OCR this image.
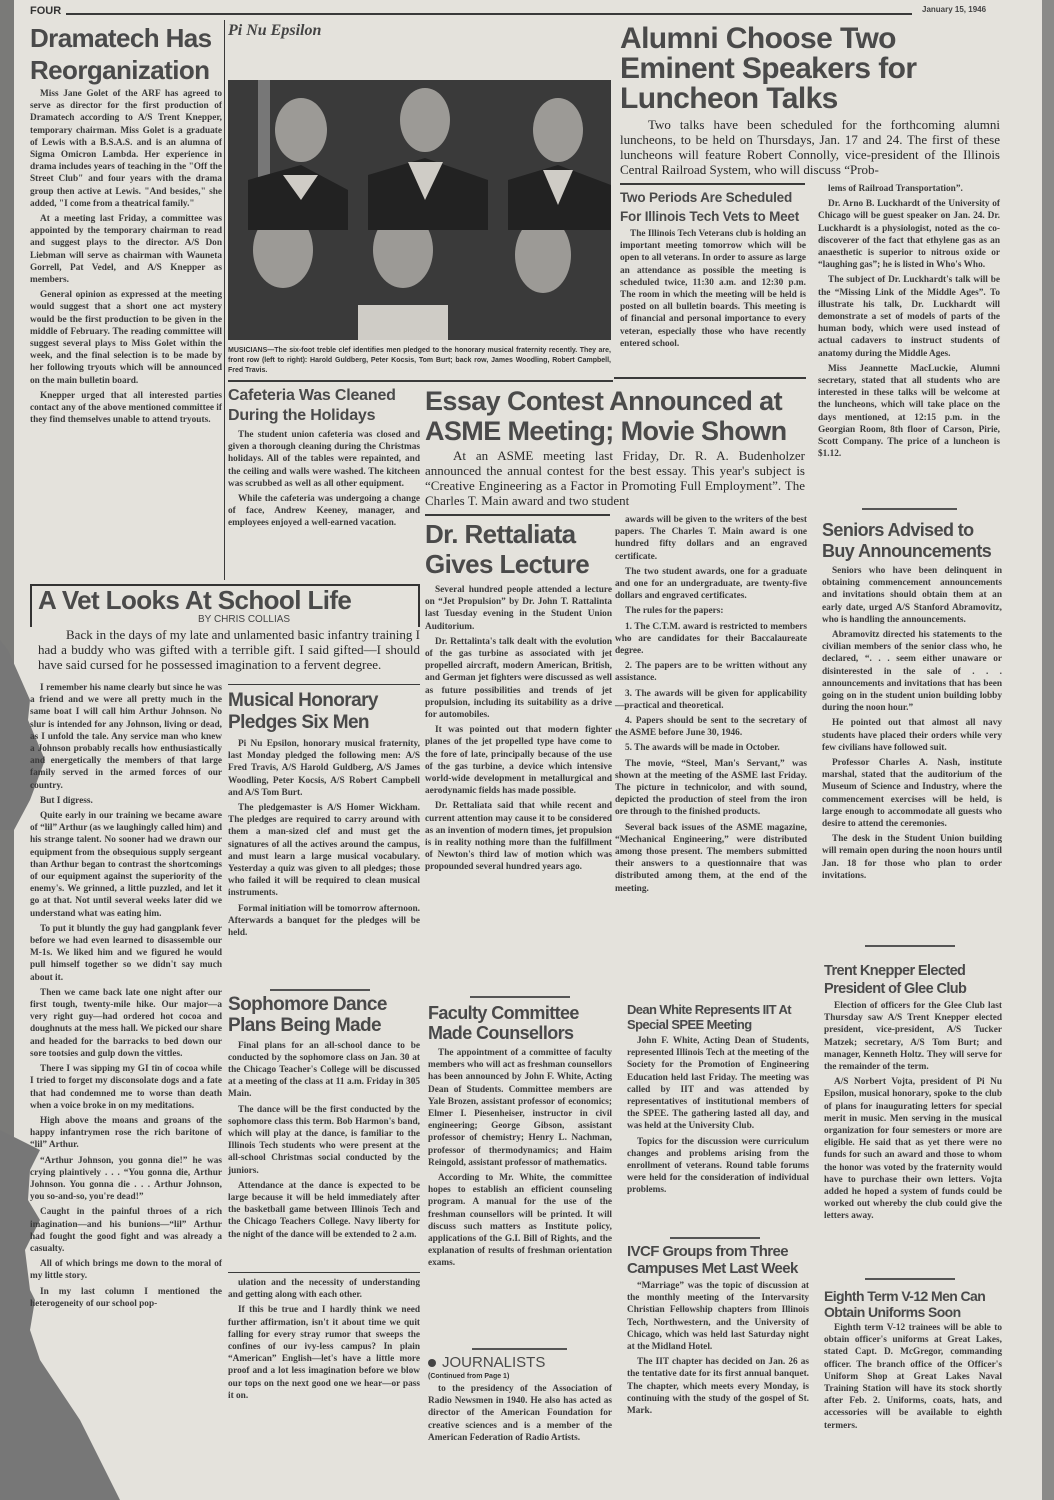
FOUR	January 15, 1946
Dramatech Has Reorganization

Miss Jane Golet of the ARF has agreed to serve as director for the first production of Dramatech according to A/S Trent Knepper, temporary chairman. Miss Golet is a graduate of Lewis with a B.S.A.S. and is an alumna of Sigma Omicron Lambda. Her experience in drama includes years of teaching in the "Off the Street Club" and four years with the drama group then active at Lewis. "And besides," she added, "I come from a theatrical family."

At a meeting last Friday, a committee was appointed by the temporary chairman to read and suggest plays to the director. A/S Don Liebman will serve as chairman with Wauneta Gorrell, Pat Vedel, and A/S Knepper as members.

General opinion as expressed at the meeting would suggest that a short one act mystery would be the first production to be given in the middle of February. The reading committee will suggest several plays to Miss Golet within the week, and the final selection is to be made by her following tryouts which will be announced on the main bulletin board.

Knepper urged that all interested parties contact any of the above mentioned committee if they find themselves unable to attend tryouts.

Pi Nu Epsilon
MUSICIANS—The six-foot treble clef identifies men pledged to the honorary musical fraternity recently. They are, front row (left to right): Harold Guldberg, Peter Kocsis, Tom Burt; back row, James Woodling, Robert Campbell, Fred Travis.
Alumni Choose Two Eminent Speakers for Luncheon Talks

Two talks have been scheduled for the forthcoming alumni luncheons, to be held on Thursdays, Jan. 17 and 24. The first of these luncheons will feature Robert Connolly, vice-president of the Illinois Central Railroad System, who will discuss “Prob-

lems of Railroad Transportation”.

Dr. Arno B. Luckhardt of the University of Chicago will be guest speaker on Jan. 24. Dr. Luckhardt is a physiologist, noted as the co-discoverer of the fact that ethylene gas as an anaesthetic is superior to nitrous oxide or “laughing gas”; he is listed in Who's Who.

The subject of Dr. Luckhardt's talk will be the “Missing Link of the Middle Ages”. To illustrate his talk, Dr. Luckhardt will demonstrate a set of models of parts of the human body, which were used instead of actual cadavers to instruct students of anatomy during the Middle Ages.

Miss Jeannette MacLuckie, Alumni secretary, stated that all students who are interested in these talks will be welcome at the luncheons, which will take place on the days mentioned, at 12:15 p.m. in the Georgian Room, 8th floor of Carson, Pirie, Scott Company. The price of a luncheon is $1.12.

Two Periods Are Scheduled For Illinois Tech Vets to Meet

The Illinois Tech Veterans club is holding an important meeting tomorrow which will be open to all veterans. In order to assure as large an attendance as possible the meeting is scheduled twice, 11:30 a.m. and 12:30 p.m. The room in which the meeting will be held is posted on all bulletin boards. This meeting is of financial and personal importance to every veteran, especially those who have recently entered school.

Cafeteria Was Cleaned During the Holidays

The student union cafeteria was closed and given a thorough cleaning during the Christmas holidays. All of the tables were repainted, and the ceiling and walls were washed. The kitcheen was scrubbed as well as all other equipment.

While the cafeteria was undergoing a change of face, Andrew Keeney, manager, and employees enjoyed a well-earned vacation.

Essay Contest Announced at ASME Meeting; Movie Shown

At an ASME meeting last Friday, Dr. R. A. Budenholzer announced the annual contest for the best essay. This year's subject is “Creative Engineering as a Factor in Promoting Full Employment”. The Charles T. Main award and two student

awards will be given to the writers of the best papers. The Charles T. Main award is one hundred fifty dollars and an engraved certificate.

The two student awards, one for a graduate and one for an undergraduate, are twenty-five dollars and engraved certificates.

The rules for the papers:

1. The C.T.M. award is restricted to members who are candidates for their Baccalaureate degree.

2. The papers are to be written without any assistance.

3. The awards will be given for applicability—practical and theoretical.

4. Papers should be sent to the secretary of the ASME before June 30, 1946.

5. The awards will be made in October.

The movie, “Steel, Man's Servant,” was shown at the meeting of the ASME last Friday. The picture in technicolor, and with sound, depicted the production of steel from the iron ore through to the finished products.

Several back issues of the ASME magazine, “Mechanical Engineering,” were distributed among those present. The members submitted their answers to a questionnaire that was distributed among them, at the end of the meeting.

Dr. Rettaliata Gives Lecture

Several hundred people attended a lecture on “Jet Propulsion” by Dr. John T. Rattalinta last Tuesday evening in the Student Union Auditorium.

Dr. Rettalinta's talk dealt with the evolution of the gas turbine as associated with jet propelled aircraft, modern American, British, and German jet fighters were discussed as well as future possibilities and trends of jet propulsion, including its suitability as a drive for automobiles.

It was pointed out that modern fighter planes of the jet propelled type have come to the fore of late, principally because of the use of the gas turbine, a device which intensive world-wide development in metallurgical and aerodynamic fields has made possible.

Dr. Rettaliata said that while recent and current attention may cause it to be considered as an invention of modern times, jet propulsion is in reality nothing more than the fulfillment of Newton's third law of motion which was propounded several hundred years ago.

A Vet Looks At School Life
BY CHRIS COLLIAS

Back in the days of my late and unlamented basic infantry training I had a buddy who was gifted with a terrible gift. I said gifted—I should have said cursed for he possessed imagination to a fervent degree.

I remember his name clearly but since he was a friend and we were all pretty much in the same boat I will call him Arthur Johnson. No slur is intended for any Johnson, living or dead, as I unfold the tale. Any service man who knew a Johnson probably recalls how enthusiastically and energetically the members of that large family served in the armed forces of our country.

But I digress.

Quite early in our training we became aware of “lil” Arthur (as we laughingly called him) and his strange talent. No sooner had we drawn our equipment from the obsequious supply sergeant than Arthur began to contrast the shortcomings of our equipment against the superiority of the enemy's. We grinned, a little puzzled, and let it go at that. Not until several weeks later did we understand what was eating him.

To put it bluntly the guy had gangplank fever before we had even learned to disassemble our M-1s. We liked him and we figured he would pull himself together so we didn't say much about it.

Then we came back late one night after our first tough, twenty-mile hike. Our major—a very right guy—had ordered hot cocoa and doughnuts at the mess hall. We picked our share and headed for the barracks to bed down our sore tootsies and gulp down the vittles.

There I was sipping my GI tin of cocoa while I tried to forget my disconsolate dogs and a fate that had condemned me to worse than death when a voice broke in on my meditations.

High above the moans and groans of the happy infantrymen rose the rich baritone of “lil” Arthur.

“Arthur Johnson, you gonna die!” he was crying plaintively . . . “You gonna die, Arthur Johnson. You gonna die . . . Arthur Johnson, you so-and-so, you're dead!”

Caught in the painful throes of a rich imagination—and his bunions—“lil” Arthur had fought the good fight and was already a casualty.

All of which brings me down to the moral of my little story.

In my last column I mentioned the heterogeneity of our school pop-

Musical Honorary Pledges Six Men

Pi Nu Epsilon, honorary musical fraternity, last Monday pledged the following men: A/S Fred Travis, A/S Harold Guldberg, A/S James Woodling, Peter Kocsis, A/S Robert Campbell and A/S Tom Burt.

The pledgemaster is A/S Homer Wickham. The pledges are required to carry around with them a man-sized clef and must get the signatures of all the actives around the campus, and must learn a large musical vocabulary. Yesterday a quiz was given to all pledges; those who failed it will be required to clean musical instruments.

Formal initiation will be tomorrow afternoon. Afterwards a banquet for the pledges will be held.

Sophomore Dance Plans Being Made

Final plans for an all-school dance to be conducted by the sophomore class on Jan. 30 at the Chicago Teacher's College will be discussed at a meeting of the class at 11 a.m. Friday in 305 Main.

The dance will be the first conducted by the sophomore class this term. Bob Harmon's band, which will play at the dance, is familiar to the Illinois Tech students who were present at the all-school Christmas social conducted by the juniors.

Attendance at the dance is expected to be large because it will be held immediately after the basketball game between Illinois Tech and the Chicago Teachers College. Navy liberty for the night of the dance will be extended to 2 a.m.

ulation and the necessity of understanding and getting along with each other.

If this be true and I hardly think we need further affirmation, isn't it about time we quit falling for every stray rumor that sweeps the confines of our ivy-less campus? In plain “American” English—let's have a little more proof and a lot less imagination before we blow our tops on the next good one we hear—or pass it on.

Faculty Committee Made Counsellors

The appointment of a committee of faculty members who will act as freshman counsellors has been announced by John F. White, Acting Dean of Students. Committee members are Yale Brozen, assistant professor of economics; Elmer I. Piesenheiser, instructor in civil engineering; George Gibson, assistant professor of chemistry; Henry L. Nachman, professor of thermodynamics; and Haim Reingold, assistant professor of mathematics.

According to Mr. White, the committee hopes to establish an efficient counseling program. A manual for the use of the freshman counsellors will be printed. It will discuss such matters as Institute policy, applications of the G.I. Bill of Rights, and the explanation of results of freshman orientation exams.

JOURNALISTS
(Continued from Page 1)

to the presidency of the Association of Radio Newsmen in 1940. He also has acted as director of the American Foundation for creative sciences and is a member of the American Federation of Radio Artists.

Dean White Represents IIT At Special SPEE Meeting

John F. White, Acting Dean of Students, represented Illinois Tech at the meeting of the Society for the Promotion of Engineering Education held last Friday. The meeting was called by IIT and was attended by representatives of institutional members of the SPEE. The gathering lasted all day, and was held at the University Club.

Topics for the discussion were curriculum changes and problems arising from the enrollment of veterans. Round table forums were held for the consideration of individual problems.

IVCF Groups from Three Campuses Met Last Week

“Marriage” was the topic of discussion at the monthly meeting of the Intervarsity Christian Fellowship chapters from Illinois Tech, Northwestern, and the University of Chicago, which was held last Saturday night at the Midland Hotel.

The IIT chapter has decided on Jan. 26 as the tentative date for its first annual banquet. The chapter, which meets every Monday, is continuing with the study of the gospel of St. Mark.

Seniors Advised to Buy Announcements

Seniors who have been delinquent in obtaining commencement announcements and invitations should obtain them at an early date, urged A/S Stanford Abramovitz, who is handling the announcements.

Abramovitz directed his statements to the civilian members of the senior class who, he declared, “. . . seem either unaware or disinterested in the sale of . . . announcements and invitations that has been going on in the student union building lobby during the noon hour.”

He pointed out that almost all navy students have placed their orders while very few civilians have followed suit.

Professor Charles A. Nash, institute marshal, stated that the auditorium of the Museum of Science and Industry, where the commencement exercises will be held, is large enough to accommodate all guests who desire to attend the ceremonies.

The desk in the Student Union building will remain open during the noon hours until Jan. 18 for those who plan to order invitations.

Trent Knepper Elected President of Glee Club

Election of officers for the Glee Club last Thursday saw A/S Trent Knepper elected president, vice-president, A/S Tucker Matzek; secretary, A/S Tom Burt; and manager, Kenneth Holtz. They will serve for the remainder of the term.

A/S Norbert Vojta, president of Pi Nu Epsilon, musical honorary, spoke to the club of plans for inaugurating letters for special merit in music. Men serving in the musical organization for four semesters or more are eligible. He said that as yet there were no funds for such an award and those to whom the honor was voted by the fraternity would have to purchase their own letters. Vojta added he hoped a system of funds could be worked out whereby the club could give the letters away.

Eighth Term V-12 Men Can Obtain Uniforms Soon

Eighth term V-12 trainees will be able to obtain officer's uniforms at Great Lakes, stated Capt. D. McGregor, commanding officer. The branch office of the Officer's Uniform Shop at Great Lakes Naval Training Station will have its stock shortly after Feb. 2. Uniforms, coats, hats, and accessories will be available to eighth termers.
